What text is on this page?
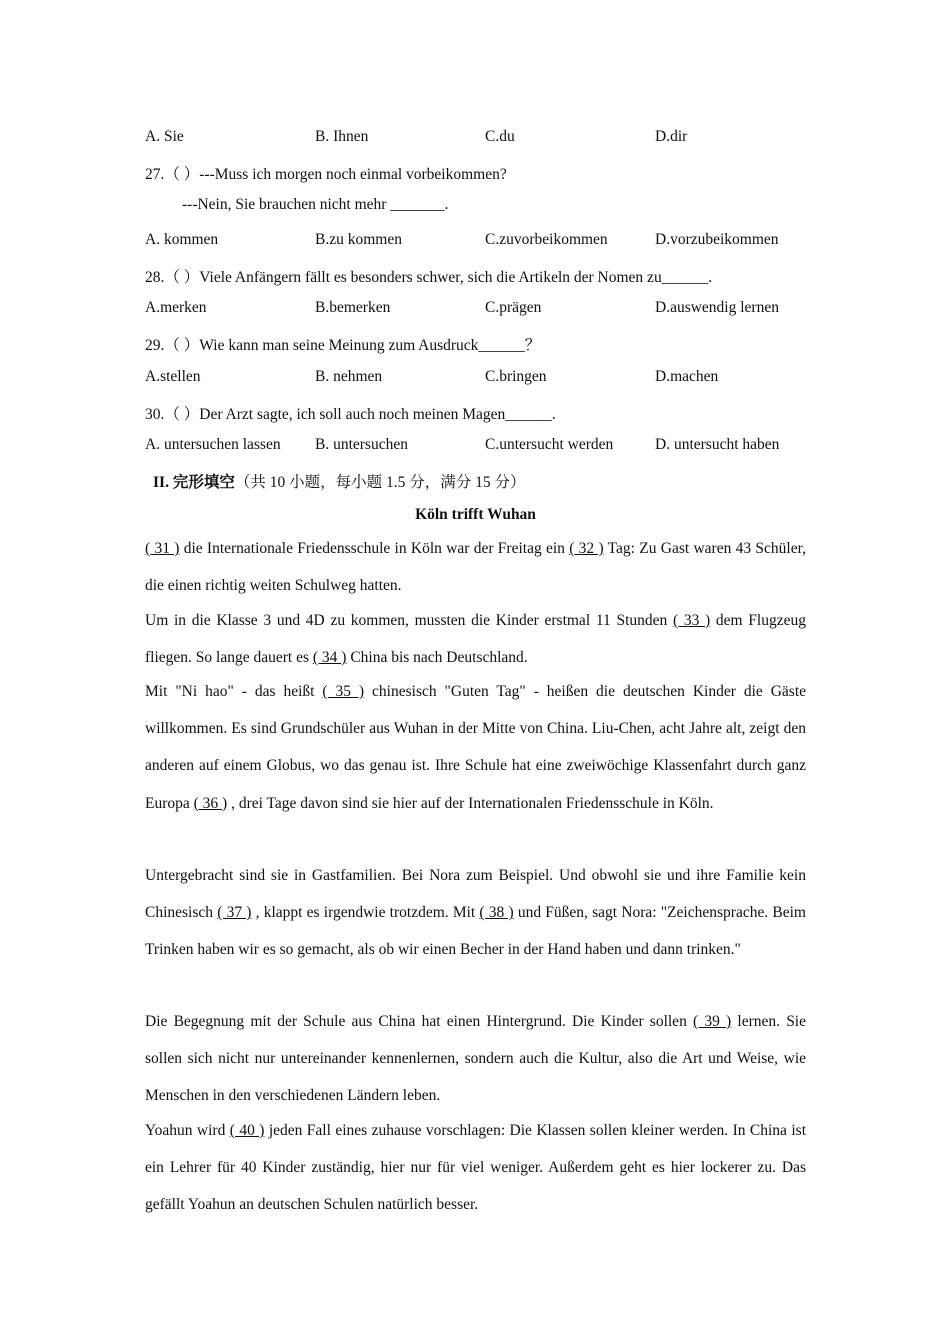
A. Sie	B. Ihnen	C.du	D.dir
27.（ ）---Muss ich morgen noch einmal vorbeikommen?
---Nein, Sie brauchen nicht mehr _______.
A. kommen	B.zu kommen	C.zuvorbeikommen	D.vorzubeikommen
28.（ ）Viele Anfängern fällt es besonders schwer, sich die Artikeln der Nomen zu______.
A.merken	B.bemerken	C.prägen	D.auswendig lernen
29.（ ）Wie kann man seine Meinung zum Ausdruck______？
A.stellen	B. nehmen	C.bringen	D.machen
30.（ ）Der Arzt sagte, ich soll auch noch meinen Magen______.
A. untersuchen lassen B. untersuchen	C.untersucht werden	D. untersucht haben
II. 完形填空（共 10 小题，每小题 1.5 分，满分 15 分）
Köln trifft Wuhan
( 31 ) die Internationale Friedensschule in Köln war der Freitag ein ( 32 ) Tag: Zu Gast waren 43 Schüler, die einen richtig weiten Schulweg hatten.
Um in die Klasse 3 und 4D zu kommen, mussten die Kinder erstmal 11 Stunden ( 33 ) dem Flugzeug fliegen. So lange dauert es ( 34 ) China bis nach Deutschland.
Mit "Ni hao" - das heißt ( 35 ) chinesisch "Guten Tag" - heißen die deutschen Kinder die Gäste willkommen. Es sind Grundschüler aus Wuhan in der Mitte von China. Liu-Chen, acht Jahre alt, zeigt den anderen auf einem Globus, wo das genau ist. Ihre Schule hat eine zweiwöchige Klassenfahrt durch ganz Europa ( 36 ) , drei Tage davon sind sie hier auf der Internationalen Friedensschule in Köln.
Untergebracht sind sie in Gastfamilien. Bei Nora zum Beispiel. Und obwohl sie und ihre Familie kein Chinesisch ( 37 ) , klappt es irgendwie trotzdem. Mit ( 38 ) und Füßen, sagt Nora: "Zeichensprache. Beim Trinken haben wir es so gemacht, als ob wir einen Becher in der Hand haben und dann trinken."
Die Begegnung mit der Schule aus China hat einen Hintergrund. Die Kinder sollen ( 39 ) lernen. Sie sollen sich nicht nur untereinander kennenlernen, sondern auch die Kultur, also die Art und Weise, wie Menschen in den verschiedenen Ländern leben.
Yoahun wird ( 40 ) jeden Fall eines zuhause vorschlagen: Die Klassen sollen kleiner werden. In China ist ein Lehrer für 40 Kinder zuständig, hier nur für viel weniger. Außerdem geht es hier lockerer zu. Das gefällt Yoahun an deutschen Schulen natürlich besser.
